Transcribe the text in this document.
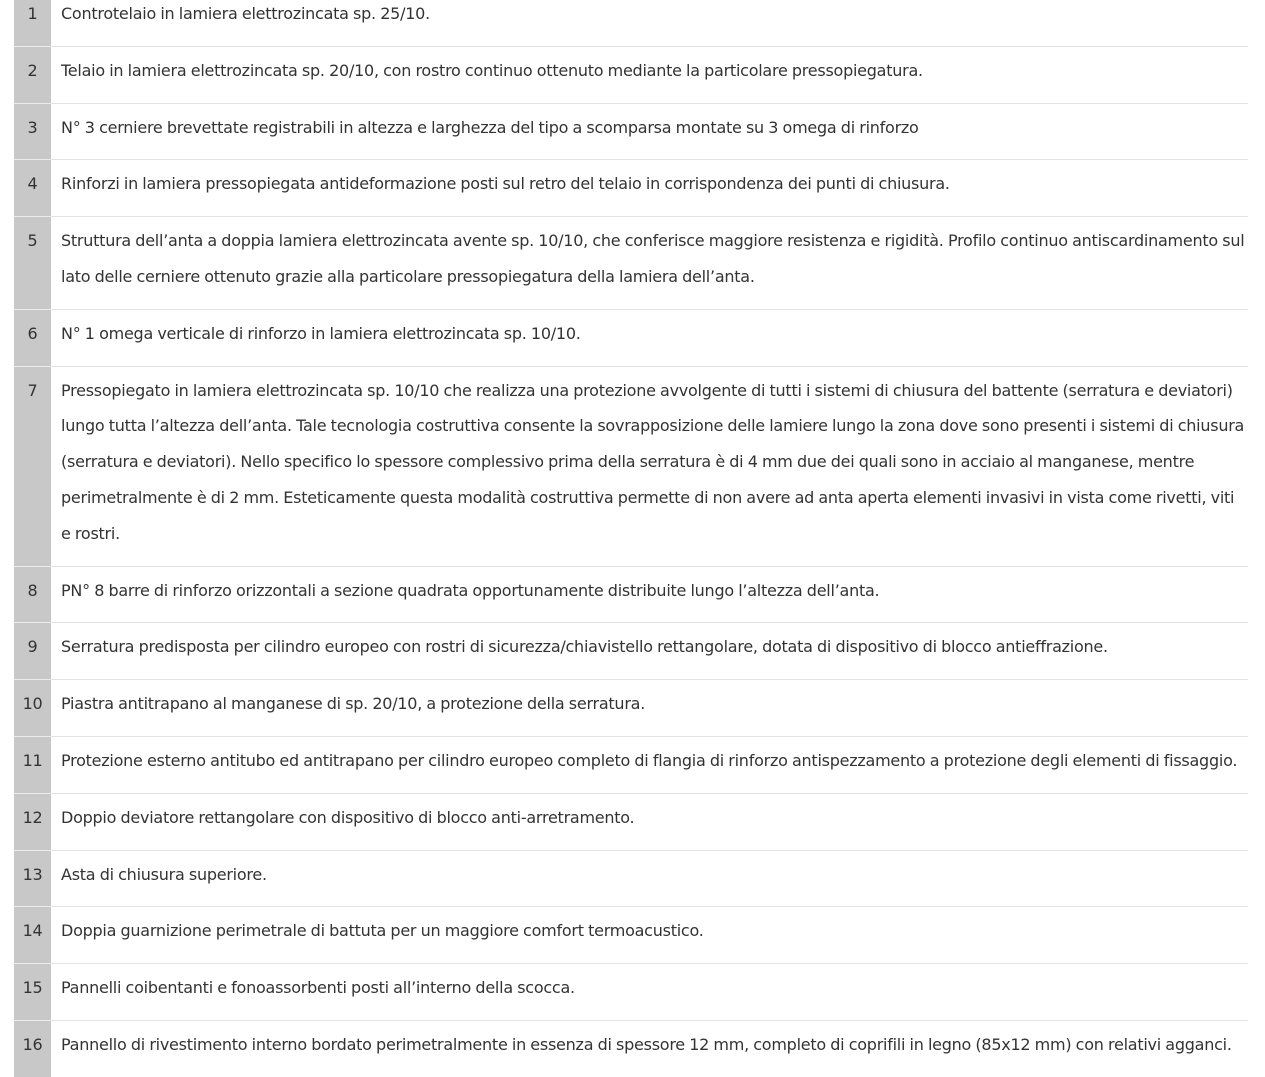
1	Controtelaio in lamiera elettrozincata sp. 25/10.
2	Telaio in lamiera elettrozincata sp. 20/10, con rostro continuo ottenuto mediante la particolare pressopiegatura.
3	N° 3 cerniere brevettate registrabili in altezza e larghezza del tipo a scomparsa montate su 3 omega di rinforzo
4	Rinforzi in lamiera pressopiegata antideformazione posti sul retro del telaio in corrispondenza dei punti di chiusura.
5	Struttura dell’anta a doppia lamiera elettrozincata avente sp. 10/10, che conferisce maggiore resistenza e rigidità. Profilo continuo antiscardinamento sul lato delle cerniere ottenuto grazie alla particolare pressopiegatura della lamiera dell’anta.
6	N° 1 omega verticale di rinforzo in lamiera elettrozincata sp. 10/10.
7	Pressopiegato in lamiera elettrozincata sp. 10/10 che realizza una protezione avvolgente di tutti i sistemi di chiusura del battente (serratura e deviatori) lungo tutta l’altezza dell’anta. Tale tecnologia costruttiva consente la sovrapposizione delle lamiere lungo la zona dove sono presenti i sistemi di chiusura (serratura e deviatori). Nello specifico lo spessore complessivo prima della serratura è di 4 mm due dei quali sono in acciaio al manganese, mentre perimetralmente è di 2 mm. Esteticamente questa modalità costruttiva permette di non avere ad anta aperta elementi invasivi in vista come rivetti, viti e rostri.
8	PN° 8 barre di rinforzo orizzontali a sezione quadrata opportunamente distribuite lungo l’altezza dell’anta.
9	Serratura predisposta per cilindro europeo con rostri di sicurezza/chiavistello rettangolare, dotata di dispositivo di blocco antieffrazione.
10	Piastra antitrapano al manganese di sp. 20/10, a protezione della serratura.
11	Protezione esterno antitubo ed antitrapano per cilindro europeo completo di flangia di rinforzo antispezzamento a protezione degli elementi di fissaggio.
12	Doppio deviatore rettangolare con dispositivo di blocco anti-arretramento.
13	Asta di chiusura superiore.
14	Doppia guarnizione perimetrale di battuta per un maggiore comfort termoacustico.
15	Pannelli coibentanti e fonoassorbenti posti all’interno della scocca.
16	Pannello di rivestimento interno bordato perimetralmente in essenza di spessore 12 mm, completo di coprifili in legno (85x12 mm) con relativi agganci.
